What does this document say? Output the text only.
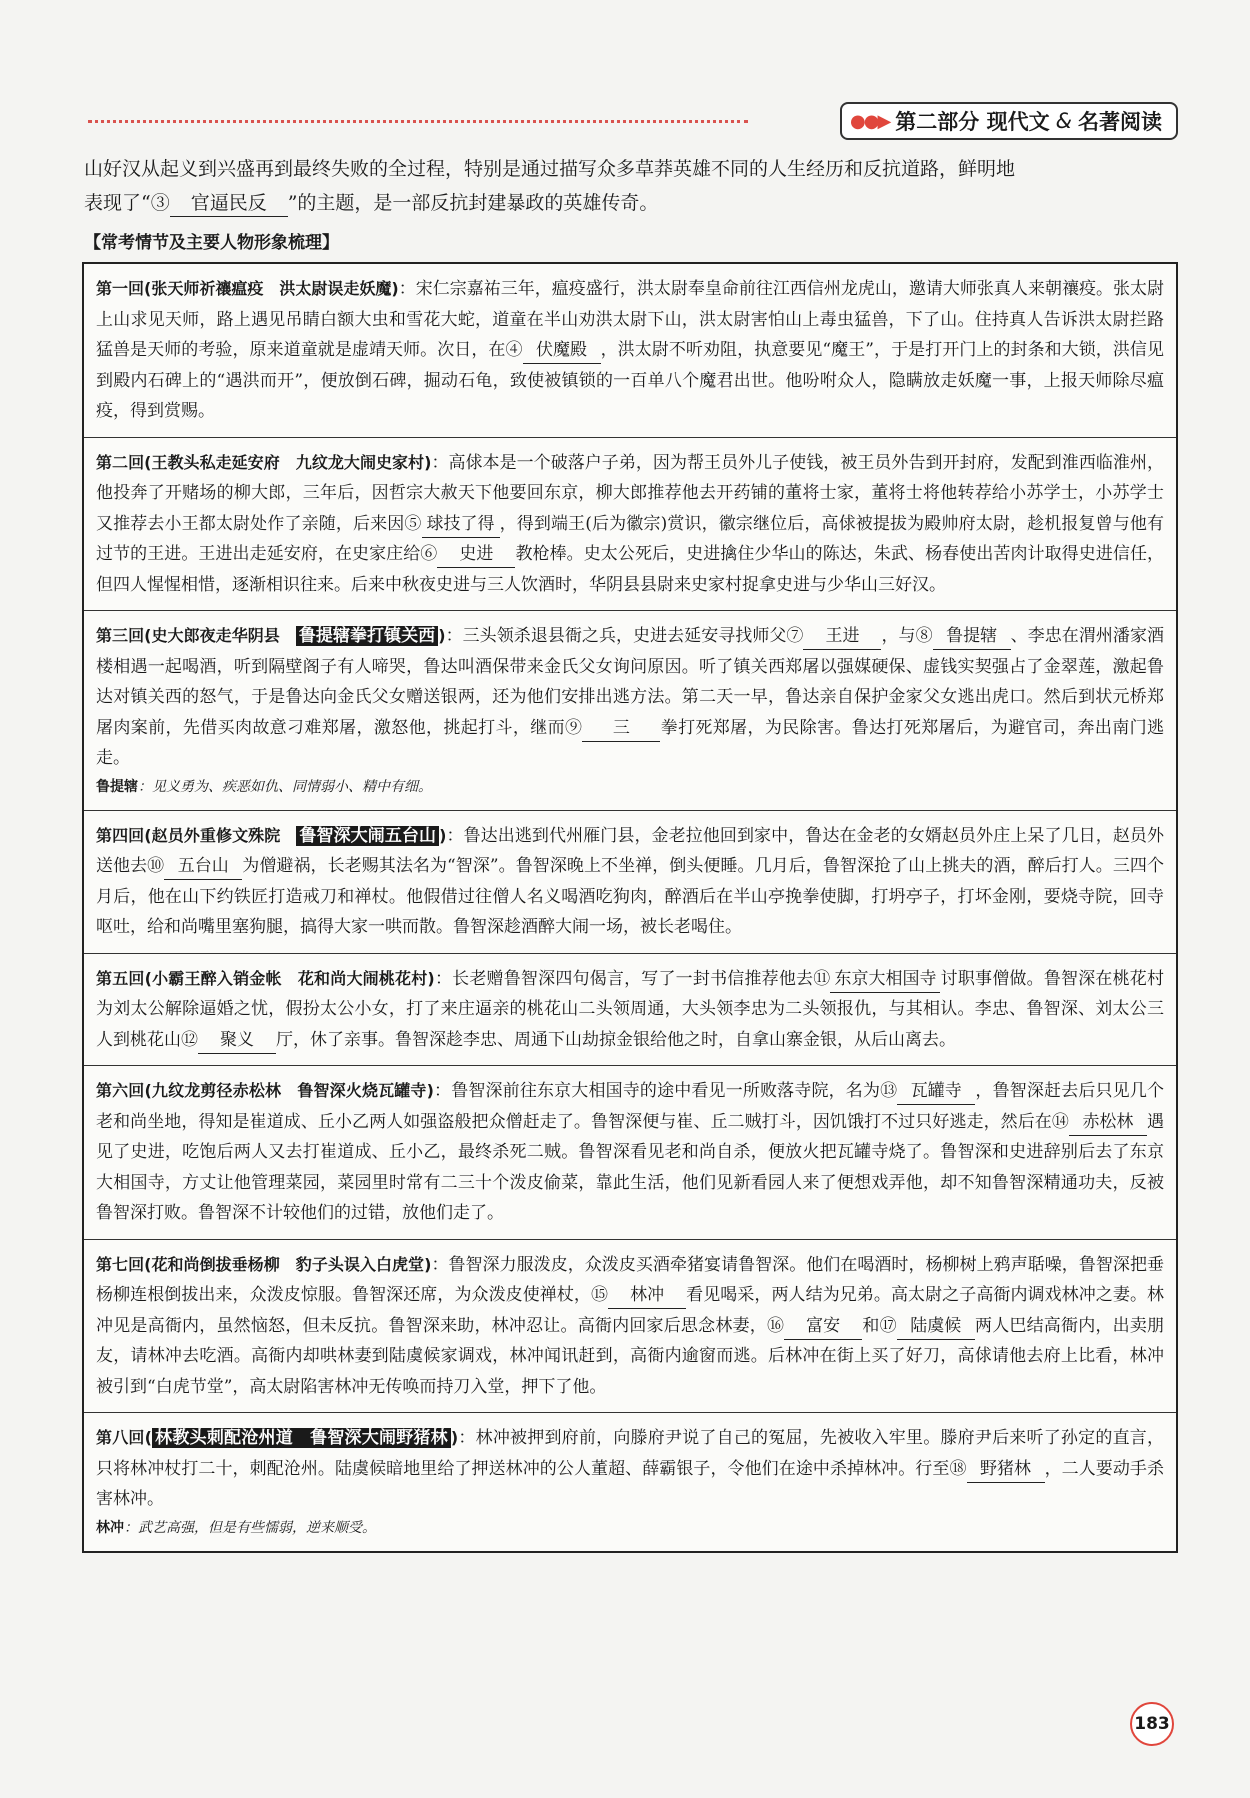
●●▶ 第二部分 现代文 & 名著阅读
山好汉从起义到兴盛再到最终失败的全过程，特别是通过描写众多草莽英雄不同的人生经历和反抗道路，鲜明地
表现了“③ 官逼民反 ”的主题，是一部反抗封建暴政的英雄传奇。
【常考情节及主要人物形象梳理】
第一回(张天师祈禳瘟疫　洪太尉误走妖魔)：宋仁宗嘉祐三年，瘟疫盛行，洪太尉奉皇命前往江西信州龙虎山，邀请大师张真人来朝禳疫。张太尉上山求见天师，路上遇见吊睛白额大虫和雪花大蛇，道童在半山劝洪太尉下山，洪太尉害怕山上毒虫猛兽，下了山。住持真人告诉洪太尉拦路猛兽是天师的考验，原来道童就是虚靖天师。次日，在④ 伏魔殿 ，洪太尉不听劝阻，执意要见“魔王”，于是打开门上的封条和大锁，洪信见到殿内石碑上的“遇洪而开”，便放倒石碑，掘动石龟，致使被镇锁的一百单八个魔君出世。他吩咐众人，隐瞒放走妖魔一事，上报天师除尽瘟疫，得到赏赐。
第二回(王教头私走延安府　九纹龙大闹史家村)：高俅本是一个破落户子弟，因为帮王员外儿子使钱，被王员外告到开封府，发配到淮西临淮州，他投奔了开赌场的柳大郎，三年后，因哲宗大赦天下他要回东京，柳大郎推荐他去开药铺的董将士家，董将士将他转荐给小苏学士，小苏学士又推荐去小王都太尉处作了亲随，后来因⑤ 球技了得 ，得到端王(后为徽宗)赏识，徽宗继位后，高俅被提拔为殿帅府太尉，趁机报复曾与他有过节的王进。王进出走延安府，在史家庄给⑥ 史进 教枪棒。史太公死后，史进擒住少华山的陈达，朱武、杨春使出苦肉计取得史进信任，但四人惺惺相惜，逐渐相识往来。后来中秋夜史进与三人饮酒时，华阴县县尉来史家村捉拿史进与少华山三好汉。
第三回(史大郎夜走华阴县　鲁提辖拳打镇关西 )：三头领杀退县衙之兵，史进去延安寻找师父⑦ 王进 ，与⑧ 鲁提辖 、李忠在渭州潘家酒楼相遇一起喝酒，听到隔壁阁子有人啼哭，鲁达叫酒保带来金氏父女询问原因。听了镇关西郑屠以强媒硬保、虚钱实契强占了金翠莲，激起鲁达对镇关西的怒气，于是鲁达向金氏父女赠送银两，还为他们安排出逃方法。第二天一早，鲁达亲自保护金家父女逃出虎口。然后到状元桥郑屠肉案前，先借买肉故意刁难郑屠，激怒他，挑起打斗，继而⑨ 三 拳打死郑屠，为民除害。鲁达打死郑屠后，为避官司，奔出南门逃走。
鲁提辖：见义勇为、疾恶如仇、同情弱小、精中有细。
第四回(赵员外重修文殊院　鲁智深大闹五台山 )：鲁达出逃到代州雁门县，金老拉他回到家中，鲁达在金老的女婿赵员外庄上呆了几日，赵员外送他去⑩ 五台山 为僧避祸，长老赐其法名为“智深”。鲁智深晚上不坐禅，倒头便睡。几月后，鲁智深抢了山上挑夫的酒，醉后打人。三四个月后，他在山下约铁匠打造戒刀和禅杖。他假借过往僧人名义喝酒吃狗肉，醉酒后在半山亭挽拳使脚，打坍亭子，打坏金刚，要烧寺院，回寺呕吐，给和尚嘴里塞狗腿，搞得大家一哄而散。鲁智深趁酒醉大闹一场，被长老喝住。
第五回(小霸王醉入销金帐　花和尚大闹桃花村)：长老赠鲁智深四句偈言，写了一封书信推荐他去⑪ 东京大相国寺 讨职事僧做。鲁智深在桃花村为刘太公解除逼婚之忧，假扮太公小女，打了来庄逼亲的桃花山二头领周通，大头领李忠为二头领报仇，与其相认。李忠、鲁智深、刘太公三人到桃花山⑫ 聚义 厅，休了亲事。鲁智深趁李忠、周通下山劫掠金银给他之时，自拿山寨金银，从后山离去。
第六回(九纹龙剪径赤松林　鲁智深火烧瓦罐寺)：鲁智深前往东京大相国寺的途中看见一所败落寺院，名为⑬ 瓦罐寺 ，鲁智深赶去后只见几个老和尚坐地，得知是崔道成、丘小乙两人如强盗般把众僧赶走了。鲁智深便与崔、丘二贼打斗，因饥饿打不过只好逃走，然后在⑭ 赤松林 遇见了史进，吃饱后两人又去打崔道成、丘小乙，最终杀死二贼。鲁智深看见老和尚自杀，便放火把瓦罐寺烧了。鲁智深和史进辞别后去了东京大相国寺，方丈让他管理菜园，菜园里时常有二三十个泼皮偷菜，靠此生活，他们见新看园人来了便想戏弄他，却不知鲁智深精通功夫，反被鲁智深打败。鲁智深不计较他们的过错，放他们走了。
第七回(花和尚倒拔垂杨柳　豹子头误入白虎堂)：鲁智深力服泼皮，众泼皮买酒牵猪宴请鲁智深。他们在喝酒时，杨柳树上鸦声聒噪，鲁智深把垂杨柳连根倒拔出来，众泼皮惊服。鲁智深还席，为众泼皮使禅杖，⑮ 林冲 看见喝采，两人结为兄弟。高太尉之子高衙内调戏林冲之妻。林冲见是高衙内，虽然恼怒，但未反抗。鲁智深来助，林冲忍让。高衙内回家后思念林妻，⑯ 富安 和⑰ 陆虞候 两人巴结高衙内，出卖朋友，请林冲去吃酒。高衙内却哄林妻到陆虞候家调戏，林冲闻讯赶到，高衙内逾窗而逃。后林冲在街上买了好刀，高俅请他去府上比看，林冲被引到“白虎节堂”，高太尉陷害林冲无传唤而持刀入堂，押下了他。
第八回( 林教头刺配沧州道　鲁智深大闹野猪林 )：林冲被押到府前，向滕府尹说了自己的冤屈，先被收入牢里。滕府尹后来听了孙定的直言，只将林冲杖打二十，刺配沧州。陆虞候暗地里给了押送林冲的公人董超、薛霸银子，令他们在途中杀掉林冲。行至⑱ 野猪林 ，二人要动手杀害林冲。
林冲：武艺高强，但是有些懦弱，逆来顺受。
183
